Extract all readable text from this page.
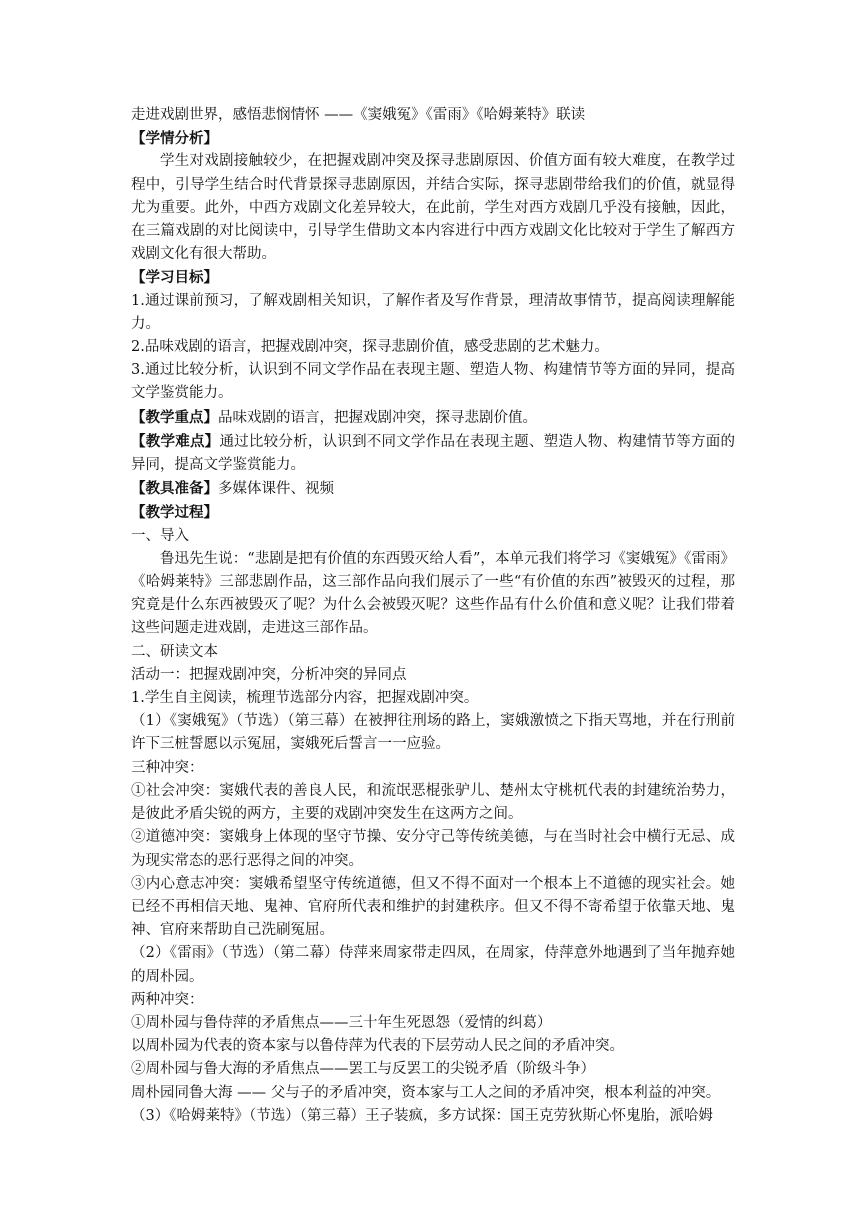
走进戏剧世界，感悟悲悯情怀 ——《窦娥冤》《雷雨》《哈姆莱特》联读

【学情分析】

学生对戏剧接触较少，在把握戏剧冲突及探寻悲剧原因、价值方面有较大难度，在教学过程中，引导学生结合时代背景探寻悲剧原因，并结合实际，探寻悲剧带给我们的价值，就显得尤为重要。此外，中西方戏剧文化差异较大，在此前，学生对西方戏剧几乎没有接触，因此，在三篇戏剧的对比阅读中，引导学生借助文本内容进行中西方戏剧文化比较对于学生了解西方戏剧文化有很大帮助。

【学习目标】

1.通过课前预习，了解戏剧相关知识，了解作者及写作背景，理清故事情节，提高阅读理解能力。

2.品味戏剧的语言，把握戏剧冲突，探寻悲剧价值，感受悲剧的艺术魅力。

3.通过比较分析，认识到不同文学作品在表现主题、塑造人物、构建情节等方面的异同，提高文学鉴赏能力。

【教学重点】品味戏剧的语言，把握戏剧冲突，探寻悲剧价值。

【教学难点】通过比较分析，认识到不同文学作品在表现主题、塑造人物、构建情节等方面的异同，提高文学鉴赏能力。

【教具准备】多媒体课件、视频

【教学过程】

一、导入

鲁迅先生说：“悲剧是把有价值的东西毁灭给人看”，本单元我们将学习《窦娥冤》《雷雨》《哈姆莱特》三部悲剧作品，这三部作品向我们展示了一些“有价值的东西”被毁灭的过程，那究竟是什么东西被毁灭了呢？为什么会被毁灭呢？这些作品有什么价值和意义呢？让我们带着这些问题走进戏剧，走进这三部作品。

二、研读文本

活动一：把握戏剧冲突，分析冲突的异同点

1.学生自主阅读，梳理节选部分内容，把握戏剧冲突。

（1）《窦娥冤》（节选）（第三幕）在被押往刑场的路上，窦娥激愤之下指天骂地，并在行刑前许下三桩誓愿以示冤屈，窦娥死后誓言一一应验。

三种冲突：

①社会冲突：窦娥代表的善良人民，和流氓恶棍张驴儿、楚州太守桃杌代表的封建统治势力，是彼此矛盾尖锐的两方，主要的戏剧冲突发生在这两方之间。

②道德冲突：窦娥身上体现的坚守节操、安分守己等传统美德，与在当时社会中横行无忌、成为现实常态的恶行恶得之间的冲突。

③内心意志冲突：窦娥希望坚守传统道德，但又不得不面对一个根本上不道德的现实社会。她已经不再相信天地、鬼神、官府所代表和维护的封建秩序。但又不得不寄希望于依靠天地、鬼神、官府来帮助自己洗刷冤屈。

（2）《雷雨》（节选）（第二幕）侍萍来周家带走四凤，在周家，侍萍意外地遇到了当年抛弃她的周朴园。

两种冲突：

①周朴园与鲁侍萍的矛盾焦点——三十年生死恩怨（爱情的纠葛）

以周朴园为代表的资本家与以鲁侍萍为代表的下层劳动人民之间的矛盾冲突。

②周朴园与鲁大海的矛盾焦点——罢工与反罢工的尖锐矛盾（阶级斗争）

周朴园同鲁大海 —— 父与子的矛盾冲突，资本家与工人之间的矛盾冲突，根本利益的冲突。

（3）《哈姆莱特》（节选）（第三幕）王子装疯，多方试探：国王克劳狄斯心怀鬼胎，派哈姆
